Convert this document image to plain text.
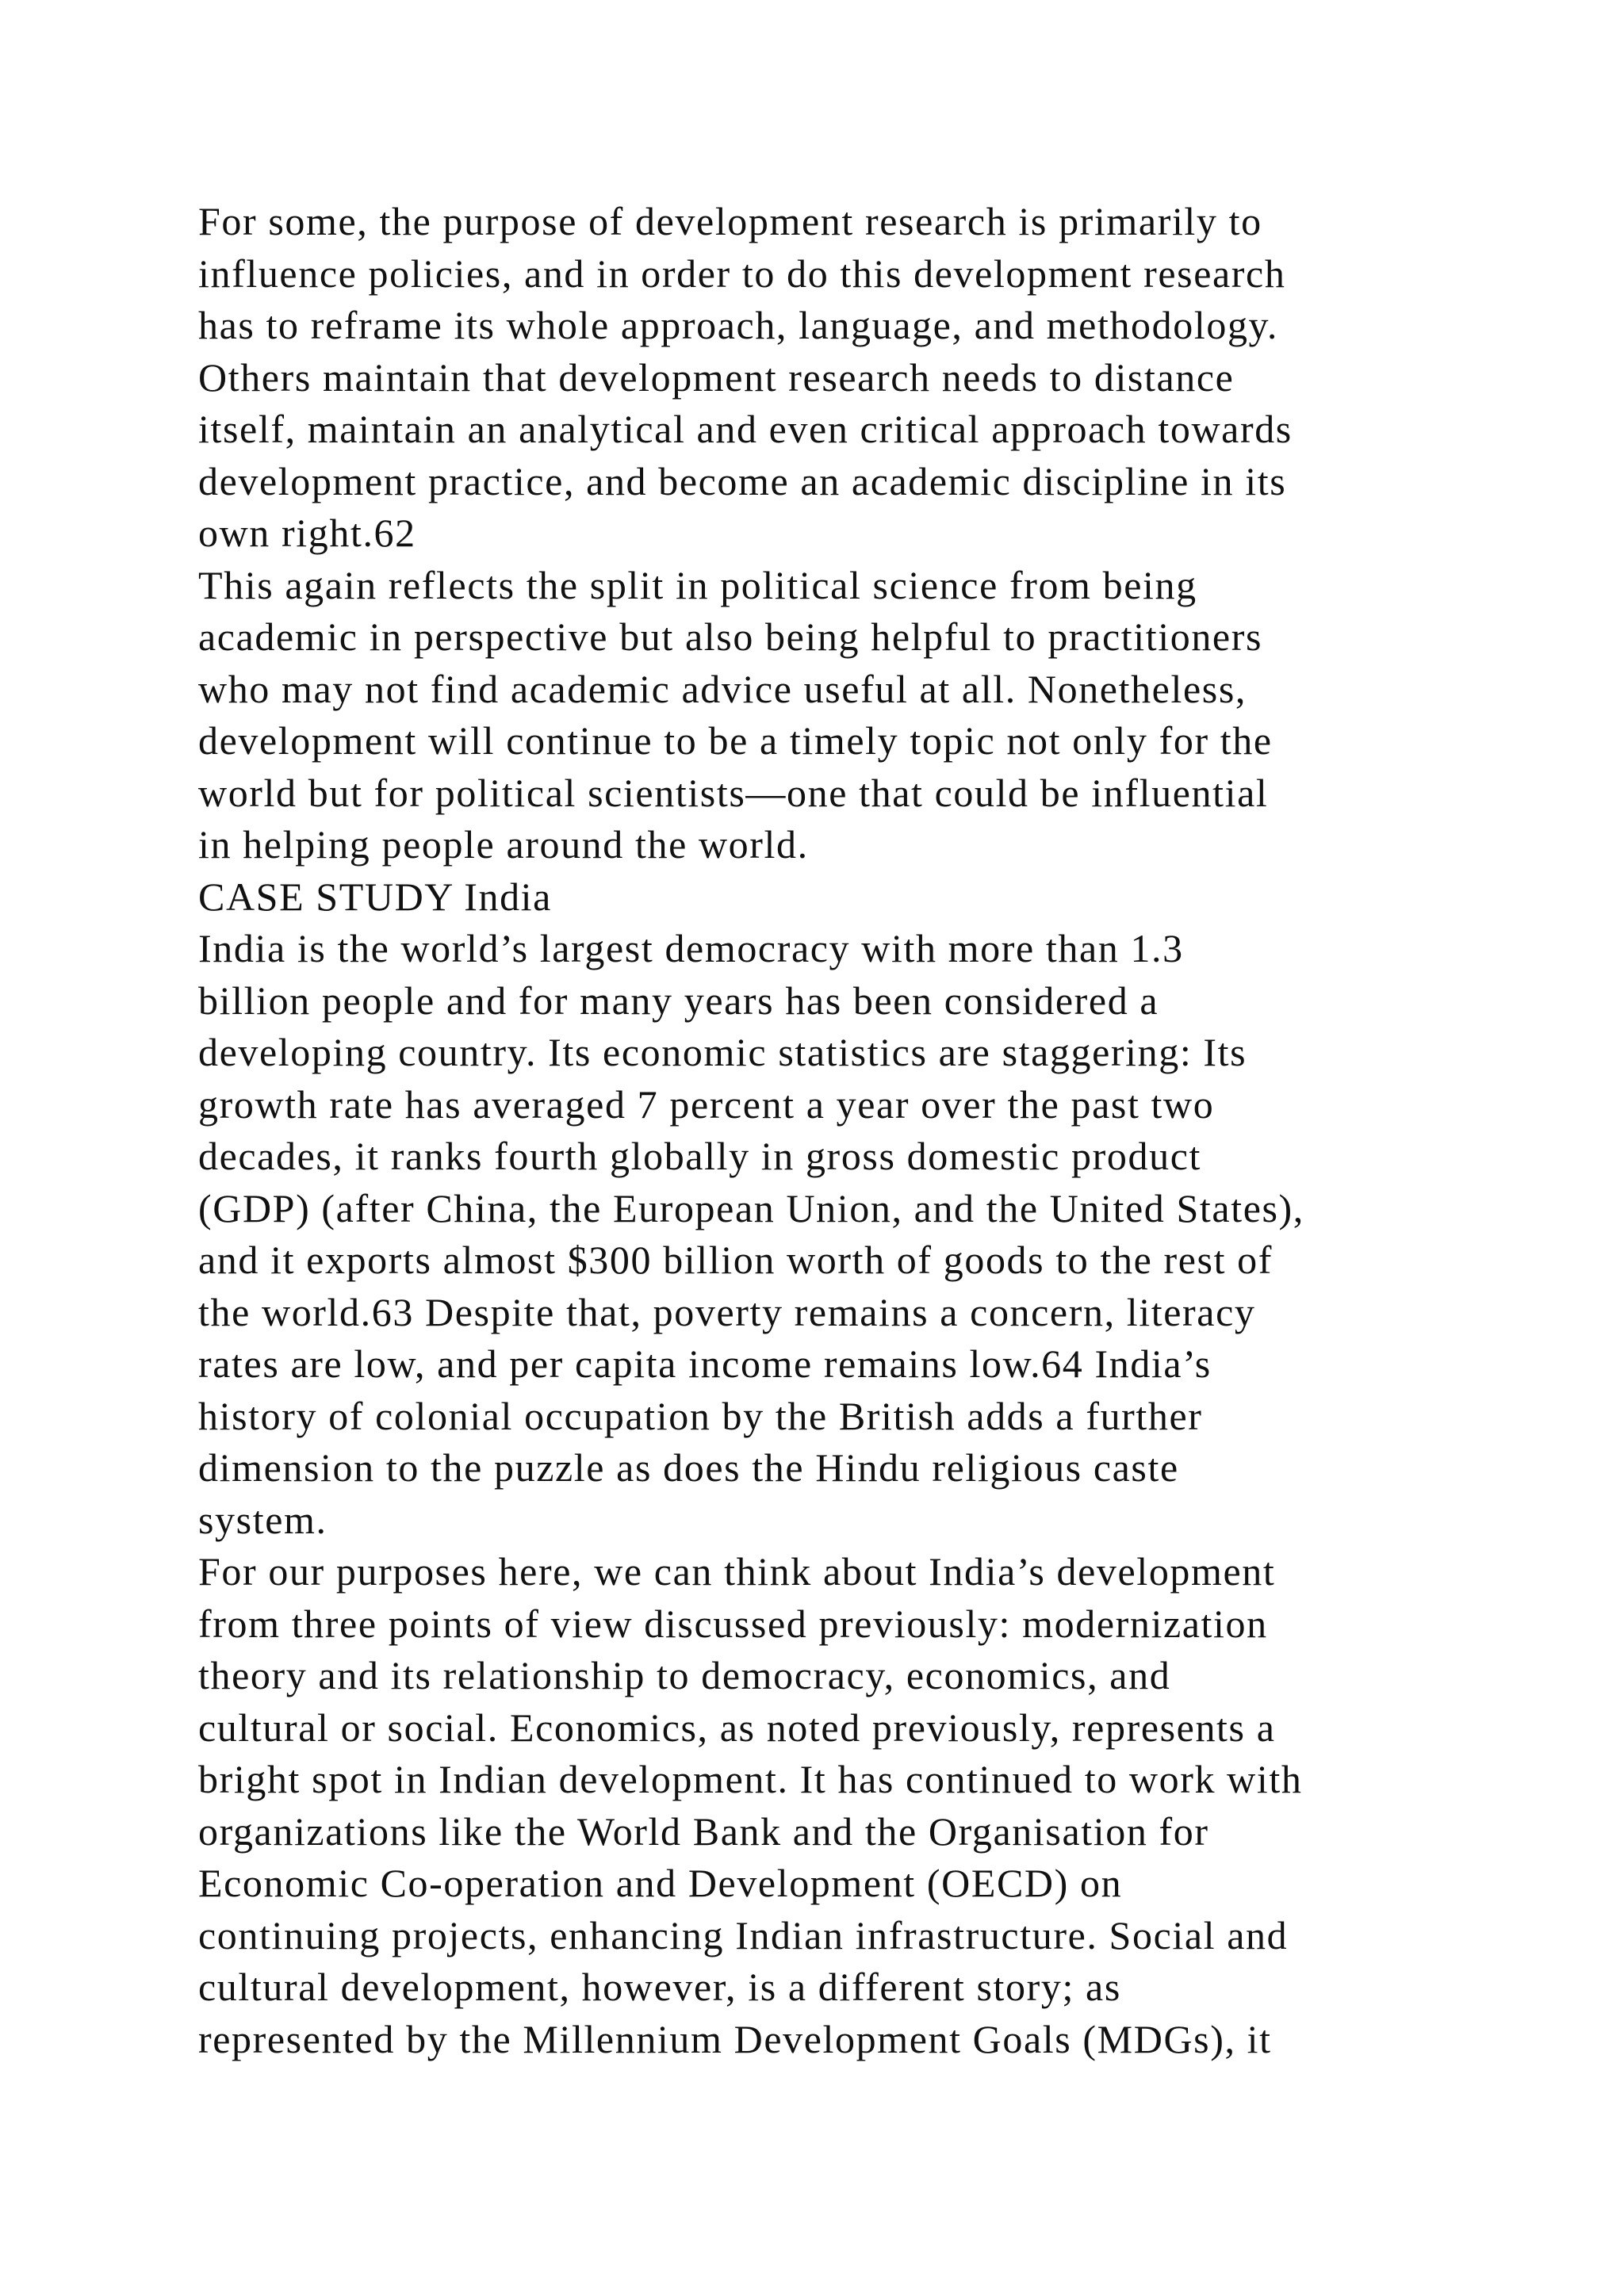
For some, the purpose of development research is primarily to
influence policies, and in order to do this development research
has to reframe its whole approach, language, and methodology.
Others maintain that development research needs to distance
itself, maintain an analytical and even critical approach towards
development practice, and become an academic discipline in its
own right.62
This again reflects the split in political science from being
academic in perspective but also being helpful to practitioners
who may not find academic advice useful at all. Nonetheless,
development will continue to be a timely topic not only for the
world but for political scientists—one that could be influential
in helping people around the world.
CASE STUDY India
India is the world’s largest democracy with more than 1.3
billion people and for many years has been considered a
developing country. Its economic statistics are staggering: Its
growth rate has averaged 7 percent a year over the past two
decades, it ranks fourth globally in gross domestic product
(GDP) (after China, the European Union, and the United States),
and it exports almost $300 billion worth of goods to the rest of
the world.63 Despite that, poverty remains a concern, literacy
rates are low, and per capita income remains low.64 India’s
history of colonial occupation by the British adds a further
dimension to the puzzle as does the Hindu religious caste
system.
For our purposes here, we can think about India’s development
from three points of view discussed previously: modernization
theory and its relationship to democracy, economics, and
cultural or social. Economics, as noted previously, represents a
bright spot in Indian development. It has continued to work with
organizations like the World Bank and the Organisation for
Economic Co-operation and Development (OECD) on
continuing projects, enhancing Indian infrastructure. Social and
cultural development, however, is a different story; as
represented by the Millennium Development Goals (MDGs), it
